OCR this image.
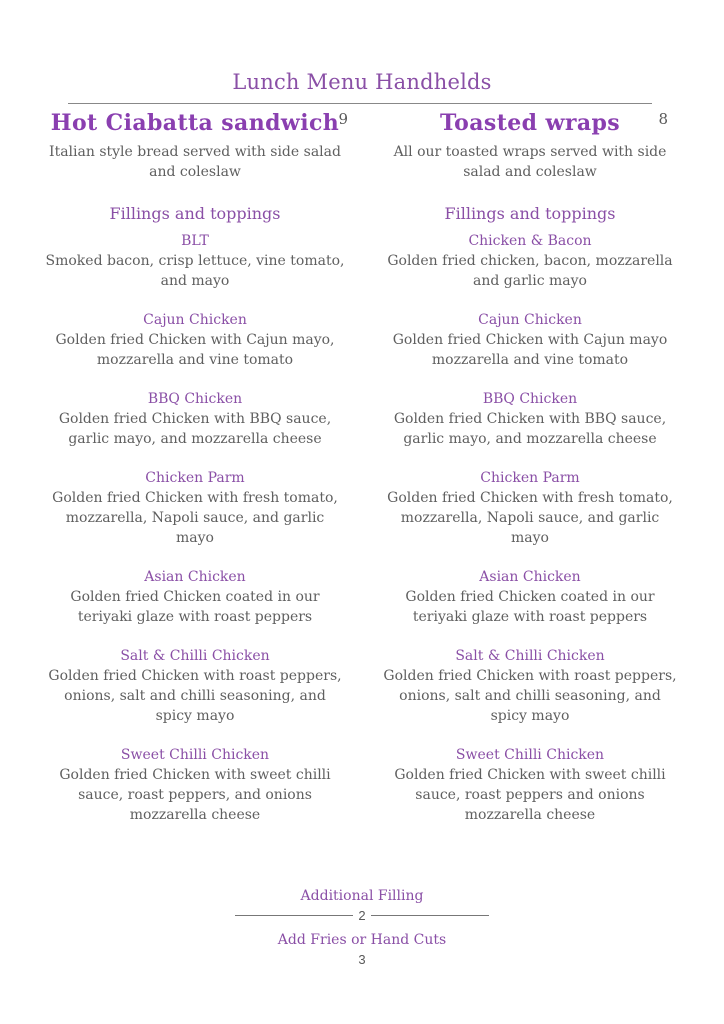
Lunch Menu Handhelds
Hot Ciabatta sandwich 9
Italian style bread served with side salad and coleslaw
Fillings and toppings
BLT
Smoked bacon, crisp lettuce, vine tomato, and mayo
Cajun Chicken
Golden fried Chicken with Cajun mayo, mozzarella and vine tomato
BBQ Chicken
Golden fried Chicken with BBQ sauce, garlic mayo, and mozzarella cheese
Chicken Parm
Golden fried Chicken with fresh tomato, mozzarella, Napoli sauce, and garlic mayo
Asian Chicken
Golden fried Chicken coated in our teriyaki glaze with roast peppers
Salt & Chilli Chicken
Golden fried Chicken with roast peppers, onions, salt and chilli seasoning, and spicy mayo
Sweet Chilli Chicken
Golden fried Chicken with sweet chilli sauce, roast peppers, and onions mozzarella cheese
Toasted wraps	8
All our toasted wraps served with side salad and coleslaw
Fillings and toppings
Chicken & Bacon
Golden fried chicken, bacon, mozzarella and garlic mayo
Cajun Chicken
Golden fried Chicken with Cajun mayo mozzarella and vine tomato
BBQ Chicken
Golden fried Chicken with BBQ sauce, garlic mayo, and mozzarella cheese
Chicken Parm
Golden fried Chicken with fresh tomato, mozzarella, Napoli sauce, and garlic mayo
Asian Chicken
Golden fried Chicken coated in our teriyaki glaze with roast peppers
Salt & Chilli Chicken
Golden fried Chicken with roast peppers, onions, salt and chilli seasoning, and spicy mayo
Sweet Chilli Chicken
Golden fried Chicken with sweet chilli sauce, roast peppers and onions mozzarella cheese
Additional Filling
2
Add Fries or Hand Cuts
3
